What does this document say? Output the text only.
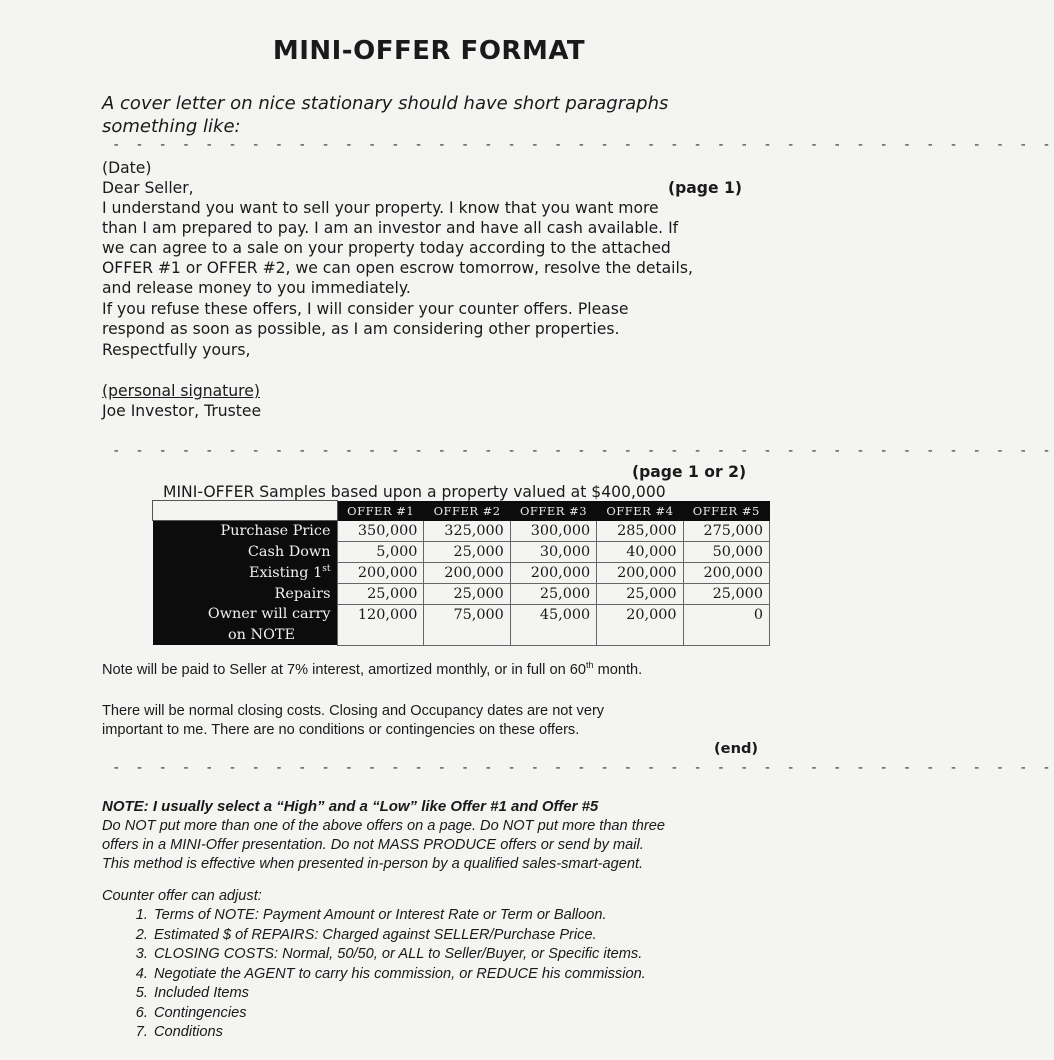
MINI-OFFER FORMAT
A cover letter on nice stationary should have short paragraphs something like:
- - - - - - - - - - - - - - - - - - - - - - - - - - - - - - - - - - - - - - - - -
(Date)
Dear Seller,	(page 1)
I understand you want to sell your property. I know that you want more
than I am prepared to pay. I am an investor and have all cash available. If
we can agree to a sale on your property today according to the attached
OFFER #1 or OFFER #2, we can open escrow tomorrow, resolve the details,
and release money to you immediately.
If you refuse these offers, I will consider your counter offers. Please
respond as soon as possible, as I am considering other properties.
Respectfully yours,
(personal signature)
Joe Investor, Trustee
- - - - - - - - - - - - - - - - - - - - - - - - - - - - - - - - - - - - - - - - -
(page 1 or 2)
MINI-OFFER Samples based upon a property valued at $400,000
	OFFER #1	OFFER #2	OFFER #3	OFFER #4	OFFER #5
Purchase Price	350,000	325,000	300,000	285,000	275,000
Cash Down	5,000	25,000	30,000	40,000	50,000
Existing 1st	200,000	200,000	200,000	200,000	200,000
Repairs	25,000	25,000	25,000	25,000	25,000
Owner will carry	120,000	75,000	45,000	20,000	0
on NOTE					
Note will be paid to Seller at 7% interest, amortized monthly, or in full on 60th month.
There will be normal closing costs. Closing and Occupancy dates are not very
important to me. There are no conditions or contingencies on these offers.
(end)
- - - - - - - - - - - - - - - - - - - - - - - - - - - - - - - - - - - - - - - - -
NOTE: I usually select a “High” and a “Low” like Offer #1 and Offer #5
Do NOT put more than one of the above offers on a page. Do NOT put more than three
offers in a MINI-Offer presentation. Do not MASS PRODUCE offers or send by mail.
This method is effective when presented in-person by a qualified sales-smart-agent.
Counter offer can adjust:
1. Terms of NOTE: Payment Amount or Interest Rate or Term or Balloon.
2. Estimated $ of REPAIRS: Charged against SELLER/Purchase Price.
3. CLOSING COSTS: Normal, 50/50, or ALL to Seller/Buyer, or Specific items.
4. Negotiate the AGENT to carry his commission, or REDUCE his commission.
5. Included Items
6. Contingencies
7. Conditions
